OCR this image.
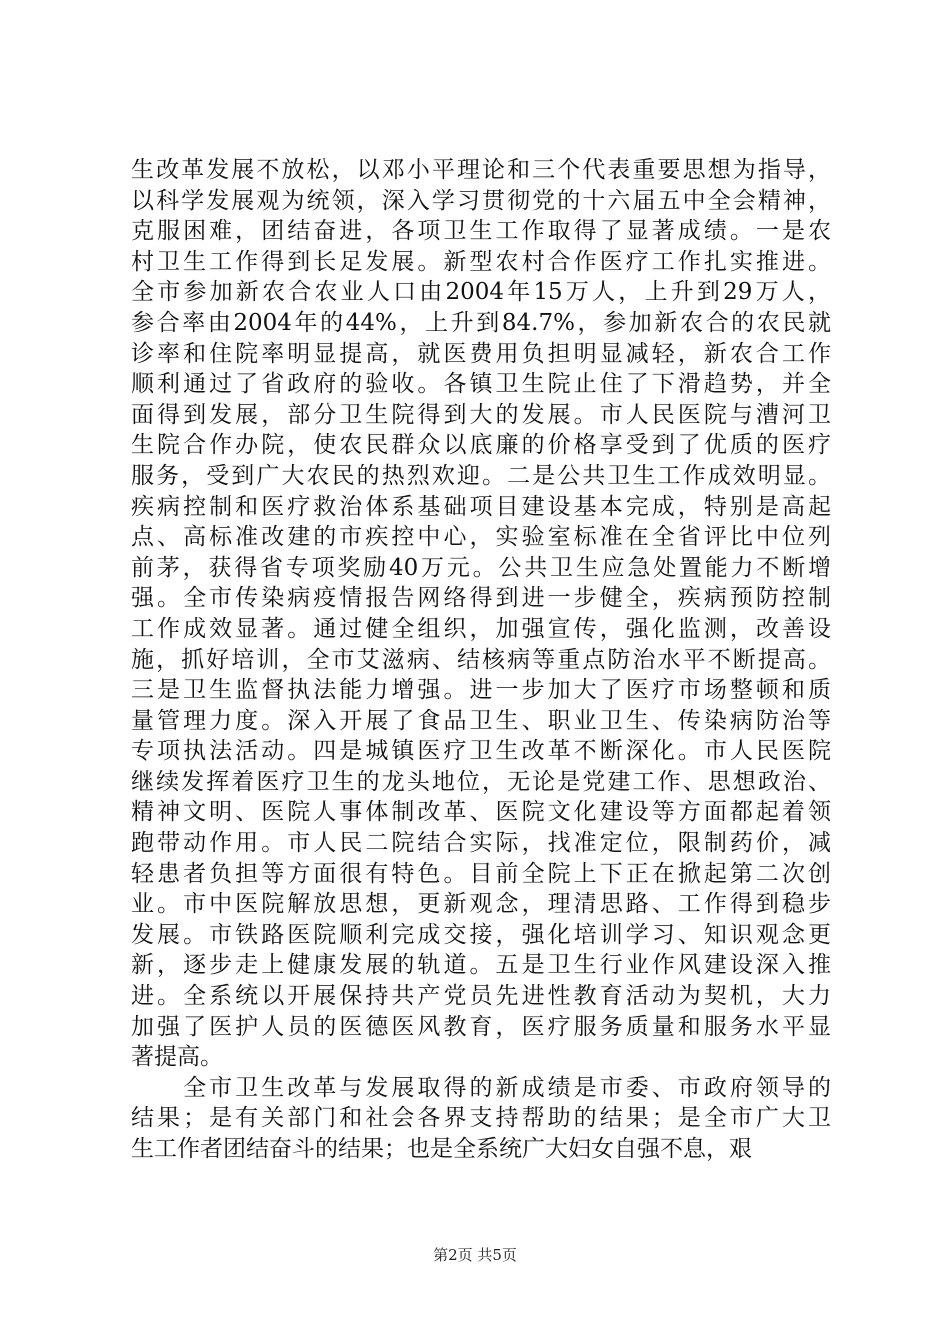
生改革发展不放松，以邓小平理论和三个代表重要思想为指导，
以科学发展观为统领，深入学习贯彻党的十六届五中全会精神，
克服困难，团结奋进，各项卫生工作取得了显著成绩。一是农
村卫生工作得到长足发展。新型农村合作医疗工作扎实推进。
全市参加新农合农业人口由2004年15万人，上升到29万人，
参合率由2004年的44%，上升到84.7%，参加新农合的农民就
诊率和住院率明显提高，就医费用负担明显减轻，新农合工作
顺利通过了省政府的验收。各镇卫生院止住了下滑趋势，并全
面得到发展，部分卫生院得到大的发展。市人民医院与漕河卫
生院合作办院，使农民群众以底廉的价格享受到了优质的医疗
服务，受到广大农民的热烈欢迎。二是公共卫生工作成效明显。
疾病控制和医疗救治体系基础项目建设基本完成，特别是高起
点、高标准改建的市疾控中心，实验室标准在全省评比中位列
前茅，获得省专项奖励40万元。公共卫生应急处置能力不断增
强。全市传染病疫情报告网络得到进一步健全，疾病预防控制
工作成效显著。通过健全组织，加强宣传，强化监测，改善设
施，抓好培训，全市艾滋病、结核病等重点防治水平不断提高。
三是卫生监督执法能力增强。进一步加大了医疗市场整顿和质
量管理力度。深入开展了食品卫生、职业卫生、传染病防治等
专项执法活动。四是城镇医疗卫生改革不断深化。市人民医院
继续发挥着医疗卫生的龙头地位，无论是党建工作、思想政治、
精神文明、医院人事体制改革、医院文化建设等方面都起着领
跑带动作用。市人民二院结合实际，找准定位，限制药价，减
轻患者负担等方面很有特色。目前全院上下正在掀起第二次创
业。市中医院解放思想，更新观念，理清思路、工作得到稳步
发展。市铁路医院顺利完成交接，强化培训学习、知识观念更
新，逐步走上健康发展的轨道。五是卫生行业作风建设深入推
进。全系统以开展保持共产党员先进性教育活动为契机，大力
加强了医护人员的医德医风教育，医疗服务质量和服务水平显
著提高。
　　全市卫生改革与发展取得的新成绩是市委、市政府领导的
结果；是有关部门和社会各界支持帮助的结果；是全市广大卫
生工作者团结奋斗的结果；也是全系统广大妇女自强不息，艰
第2页 共5页
